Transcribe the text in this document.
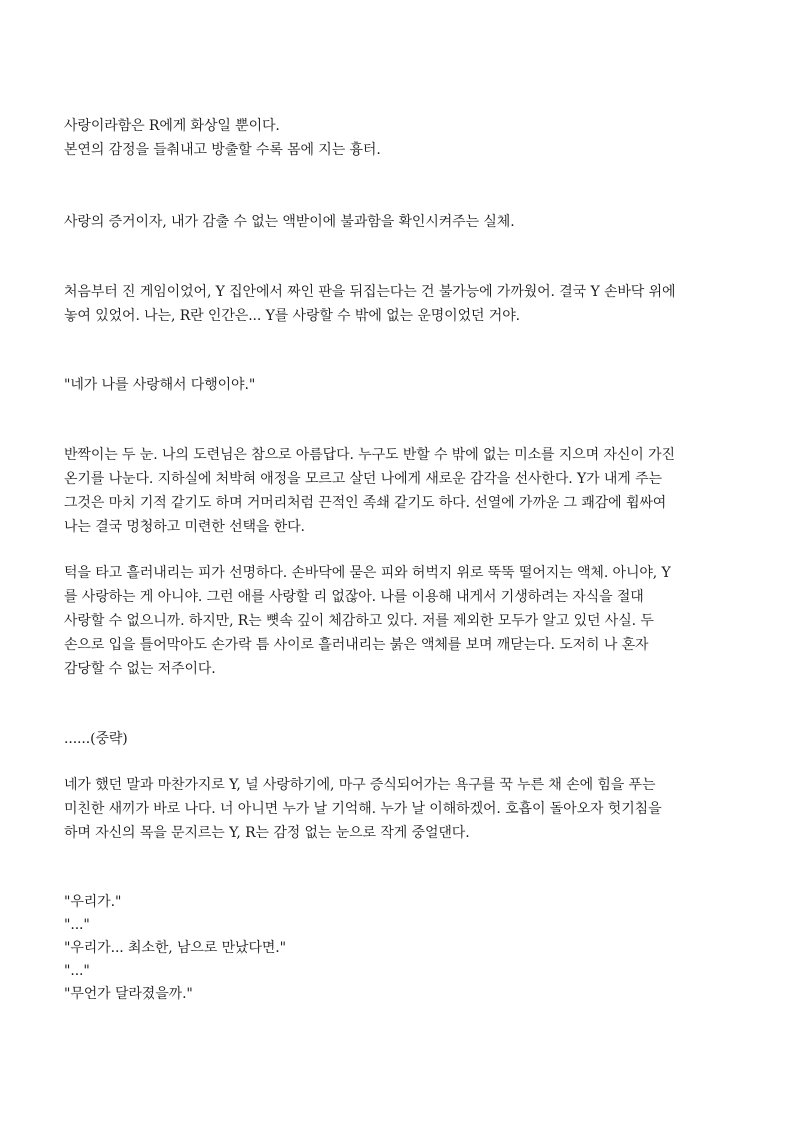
사랑이라함은 R에게 화상일 뿐이다.
본연의 감정을 들춰내고 방출할 수록 몸에 지는 흉터.
사랑의 증거이자, 내가 감출 수 없는 액받이에 불과함을 확인시켜주는 실체.
처음부터 진 게임이었어, Y 집안에서 짜인 판을 뒤집는다는 건 불가능에 가까웠어. 결국 Y 손바닥 위에
놓여 있었어. 나는, R란 인간은... Y를 사랑할 수 밖에 없는 운명이었던 거야.
"네가 나를 사랑해서 다행이야."
반짝이는 두 눈. 나의 도련님은 참으로 아름답다. 누구도 반할 수 밖에 없는 미소를 지으며 자신이 가진
온기를 나눈다. 지하실에 처박혀 애정을 모르고 살던 나에게 새로운 감각을 선사한다. Y가 내게 주는
그것은 마치 기적 같기도 하며 거머리처럼 끈적인 족쇄 같기도 하다. 선열에 가까운 그 쾌감에 휩싸여
나는 결국 멍청하고 미련한 선택을 한다.
턱을 타고 흘러내리는 피가 선명하다. 손바닥에 묻은 피와 허벅지 위로 뚝뚝 떨어지는 액체. 아니야, Y
를 사랑하는 게 아니야. 그런 애를 사랑할 리 없잖아. 나를 이용해 내게서 기생하려는 자식을 절대
사랑할 수 없으니까. 하지만, R는 뼛속 깊이 체감하고 있다. 저를 제외한 모두가 알고 있던 사실. 두
손으로 입을 틀어막아도 손가락 틈 사이로 흘러내리는 붉은 액체를 보며 깨닫는다. 도저히 나 혼자
감당할 수 없는 저주이다.
......(중략)
네가 했던 말과 마찬가지로 Y, 널 사랑하기에, 마구 증식되어가는 욕구를 꾹 누른 채 손에 힘을 푸는
미친한 새끼가 바로 나다. 너 아니면 누가 날 기억해. 누가 날 이해하겠어. 호흡이 돌아오자 헛기침을
하며 자신의 목을 문지르는 Y, R는 감정 없는 눈으로 작게 중얼댄다.
"우리가."
"..."
"우리가... 최소한, 남으로 만났다면."
"..."
"무언가 달라졌을까."
